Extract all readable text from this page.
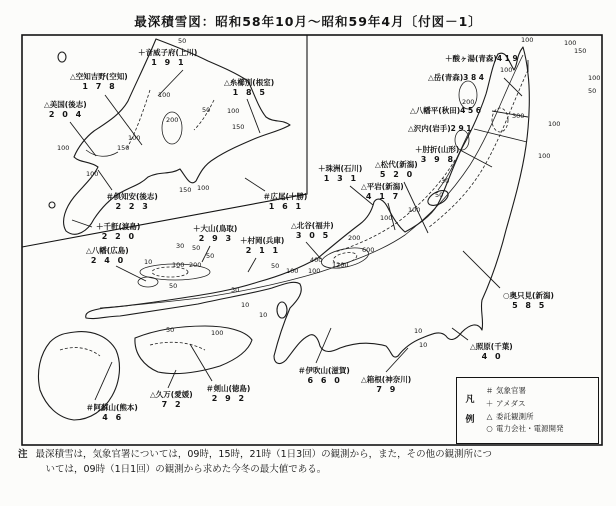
最深積雪図：昭和58年10月～昭和59年4月〔付図－1〕
50
100
200
100
150
100
50	100
150
150 100
100
100	100
150
100
50
100
200
100
100
300
30
50
100
100
200
600
400
1200
30 50
50
10	100 200	50
100 100
30
50
10
10
100
50	10
10
＋音威子府(上川)
1 9 1
△空知吉野(空知)
1 7 8
△美国(後志)
2 0 4
△糸櫛別(根室)
1 8 5
＃倶知安(後志)
2 2 3
＃広尾(十勝)
1 6 1
＋千軒(渡島)
2 2 0
＋酸ヶ湯(青森)4 1 9
△岳(青森)3 8 4
△八幡平(秋田)4 5 6
△沢内(岩手)2 9 1
＋肘折(山形)
3 9 8
△松代(新潟)
5 2 0
＋珠洲(石川)
1 3 1
△平岩(新潟)
4 1 7
△北谷(福井)
3 0 5
＋大山(鳥取)
2 9 3 ＋村岡(兵庫)
2 1 1
△八幡(広島)
2 4 0
○奥只見(新潟)
5 8 5
△照原(千葉)
4 0
＃伊吹山(滋賀)
6 6 0	△箱根(神奈川)
7 9
＃剣山(徳島)
2 9 2
△久万(愛媛)
7 2
＃阿蘇山(熊本)
4 6
凡
例
＃ 気象官署
＋ アメダス
△ 委託観測所
○ 電力会社・電源開発
注 最深積雪は，気象官署については，09時，15時，21時（1日3回）の観測から，また，その他の観測所につ
いては，09時（1日1回）の観測から求めた今冬の最大値である。
